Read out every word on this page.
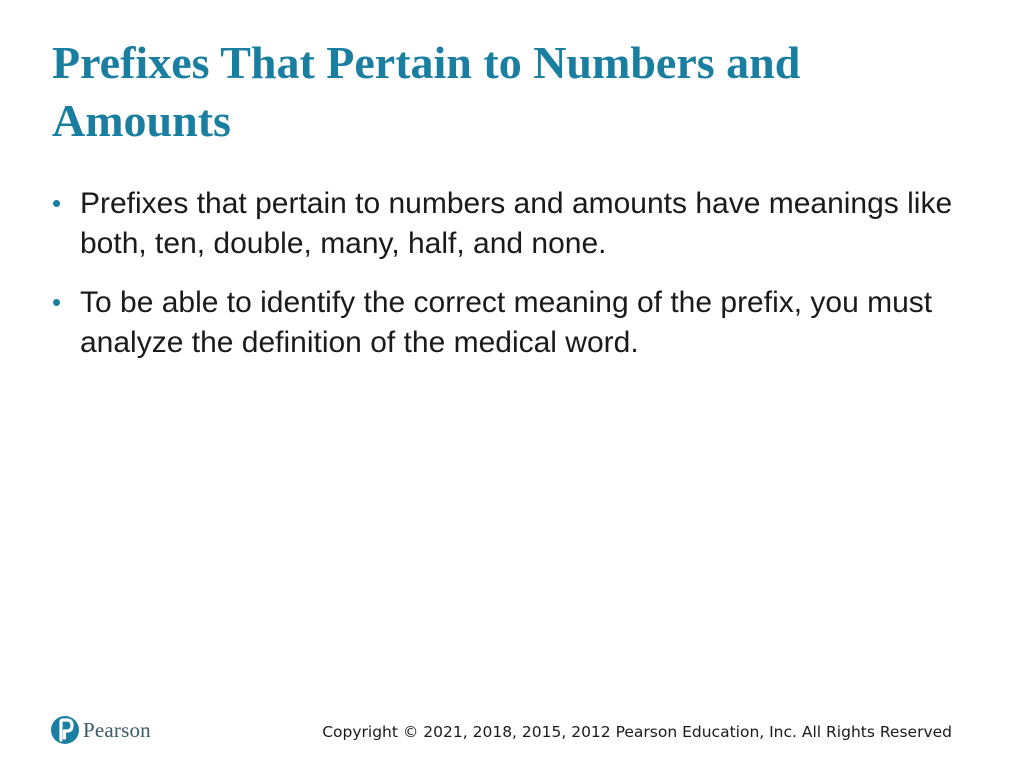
Prefixes That Pertain to Numbers and Amounts
• Prefixes that pertain to numbers and amounts have meanings like both, ten, double, many, half, and none.
• To be able to identify the correct meaning of the prefix, you must analyze the definition of the medical word.
Pearson	Copyright © 2021, 2018, 2015, 2012 Pearson Education, Inc. All Rights Reserved
